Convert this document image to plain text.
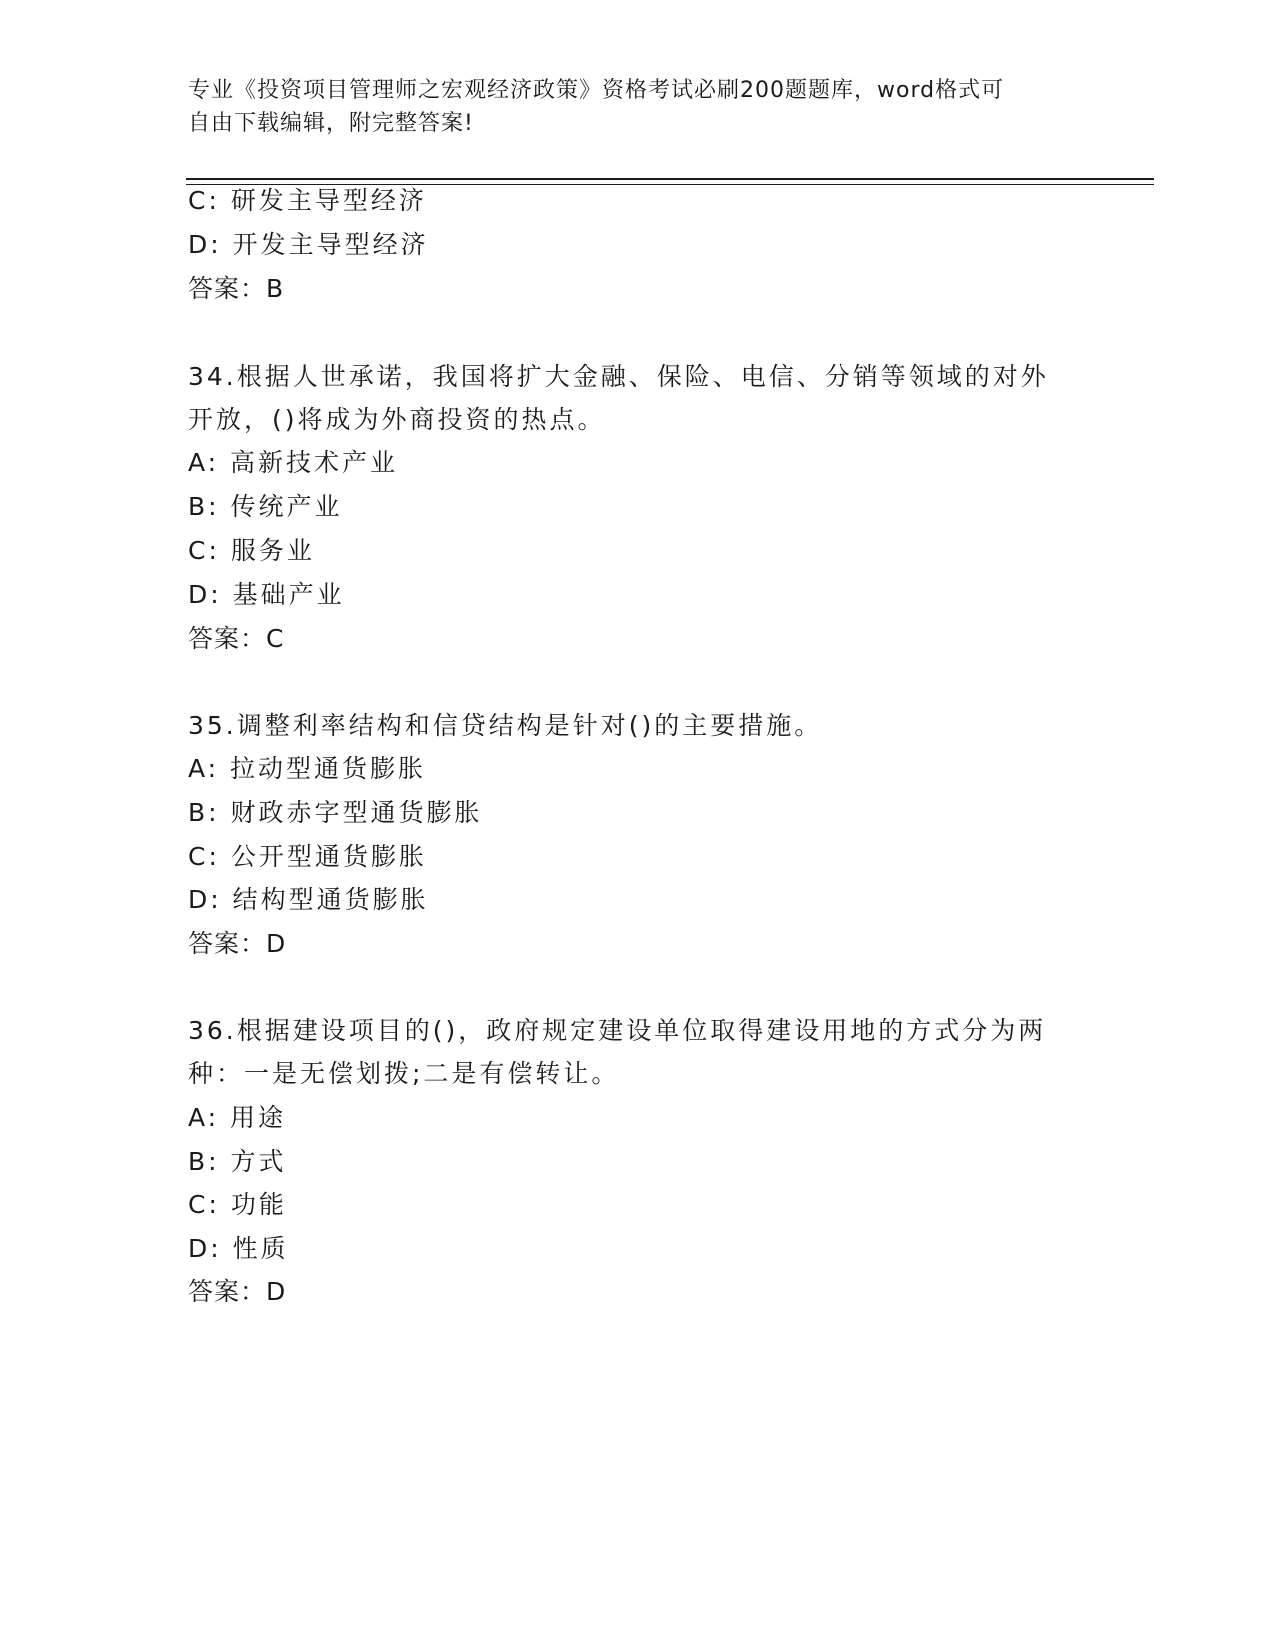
专业《投资项目管理师之宏观经济政策》资格考试必刷200题题库，word格式可
自由下载编辑，附完整答案!
C: 研发主导型经济
D: 开发主导型经济
答案：B
34.根据人世承诺，我国将扩大金融、保险、电信、分销等领域的对外
开放，()将成为外商投资的热点。
A: 高新技术产业
B: 传统产业
C: 服务业
D: 基础产业
答案：C
35.调整利率结构和信贷结构是针对()的主要措施。
A: 拉动型通货膨胀
B: 财政赤字型通货膨胀
C: 公开型通货膨胀
D: 结构型通货膨胀
答案：D
36.根据建设项目的()，政府规定建设单位取得建设用地的方式分为两
种：一是无偿划拨;二是有偿转让。
A: 用途
B: 方式
C: 功能
D: 性质
答案：D
